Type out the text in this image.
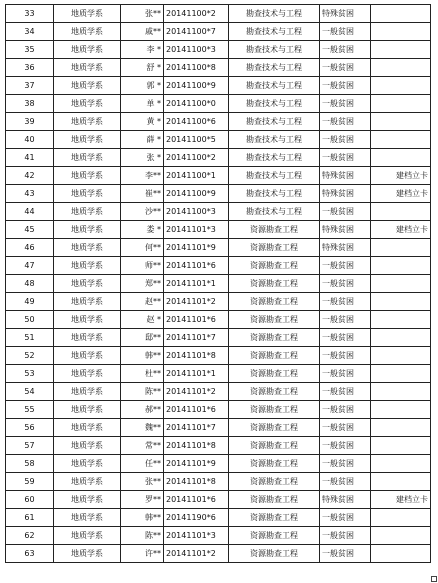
33	地质学系	张**	20141100*2	勘查技术与工程	特殊贫困	
34	地质学系	戚**	20141100*7	勘查技术与工程	一般贫困	
35	地质学系	李 *	20141100*3	勘查技术与工程	一般贫困	
36	地质学系	舒 *	20141100*8	勘查技术与工程	一般贫困	
37	地质学系	郭 *	20141100*9	勘查技术与工程	一般贫困	
38	地质学系	单 *	20141100*0	勘查技术与工程	一般贫困	
39	地质学系	黄 *	20141100*6	勘查技术与工程	一般贫困	
40	地质学系	薛 *	20141100*5	勘查技术与工程	一般贫困	
41	地质学系	张 *	20141100*2	勘查技术与工程	一般贫困	
42	地质学系	李**	20141100*1	勘查技术与工程	特殊贫困	建档立卡
43	地质学系	崔**	20141100*9	勘查技术与工程	特殊贫困	建档立卡
44	地质学系	沙**	20141100*3	勘查技术与工程	一般贫困	
45	地质学系	娄 *	20141101*3	资源勘查工程	特殊贫困	建档立卡
46	地质学系	何**	20141101*9	资源勘查工程	特殊贫困	
47	地质学系	师**	20141101*6	资源勘查工程	一般贫困	
48	地质学系	郑**	20141101*1	资源勘查工程	一般贫困	
49	地质学系	赵**	20141101*2	资源勘查工程	一般贫困	
50	地质学系	赵 *	20141101*6	资源勘查工程	一般贫困	
51	地质学系	邸**	20141101*7	资源勘查工程	一般贫困	
52	地质学系	韩**	20141101*8	资源勘查工程	一般贫困	
53	地质学系	杜**	20141101*1	资源勘查工程	一般贫困	
54	地质学系	陈**	20141101*2	资源勘查工程	一般贫困	
55	地质学系	郝**	20141101*6	资源勘查工程	一般贫困	
56	地质学系	魏**	20141101*7	资源勘查工程	一般贫困	
57	地质学系	常**	20141101*8	资源勘查工程	一般贫困	
58	地质学系	任**	20141101*9	资源勘查工程	一般贫困	
59	地质学系	张**	20141101*8	资源勘查工程	一般贫困	
60	地质学系	罗**	20141101*6	资源勘查工程	特殊贫困	建档立卡
61	地质学系	韩**	20141190*6	资源勘查工程	一般贫困	
62	地质学系	陈**	20141101*3	资源勘查工程	一般贫困	
63	地质学系	许**	20141101*2	资源勘查工程	一般贫困	
